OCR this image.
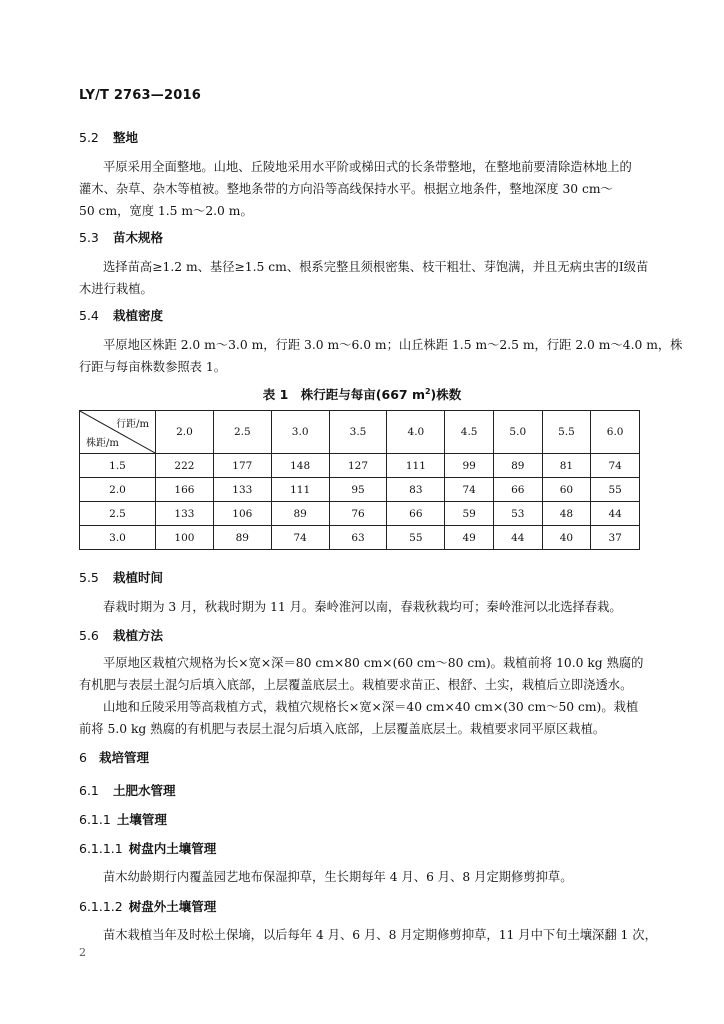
LY/T 2763—2016
5.2 整地
平原采用全面整地。山地、丘陵地采用水平阶或梯田式的长条带整地，在整地前要清除造林地上的
灌木、杂草、杂木等植被。整地条带的方向沿等高线保持水平。根据立地条件，整地深度 30 cm～
50 cm，宽度 1.5 m～2.0 m。
5.3 苗木规格
选择苗高≥1.2 m、基径≥1.5 cm、根系完整且须根密集、枝干粗壮、芽饱满，并且无病虫害的Ⅰ级苗
木进行栽植。
5.4 栽植密度
平原地区株距 2.0 m～3.0 m，行距 3.0 m～6.0 m；山丘株距 1.5 m～2.5 m，行距 2.0 m～4.0 m，株
行距与每亩株数参照表 1。
表 1　株行距与每亩(667 $m^2$)株数
行距/m
株距/m	2.0	2.5	3.0	3.5	4.0	4.5	5.0	5.5	6.0
1.5	222	177	148	127	111	99	89	81	74
2.0	166	133	111	95	83	74	66	60	55
2.5	133	106	89	76	66	59	53	48	44
3.0	100	89	74	63	55	49	44	40	37
5.5 栽植时间
春栽时期为 3 月，秋栽时期为 11 月。秦岭淮河以南，春栽秋栽均可；秦岭淮河以北选择春栽。
5.6 栽植方法
平原地区栽植穴规格为长×宽×深＝80 cm×80 cm×(60 cm～80 cm)。栽植前将 10.0 kg 熟腐的
有机肥与表层土混匀后填入底部，上层覆盖底层土。栽植要求苗正、根舒、土实，栽植后立即浇透水。
山地和丘陵采用等高栽植方式，栽植穴规格长×宽×深＝40 cm×40 cm×(30 cm～50 cm)。栽植
前将 5.0 kg 熟腐的有机肥与表层土混匀后填入底部，上层覆盖底层土。栽植要求同平原区栽植。
6 栽培管理
6.1 土肥水管理
6.1.1 土壤管理
6.1.1.1 树盘内土壤管理
苗木幼龄期行内覆盖园艺地布保湿抑草，生长期每年 4 月、6 月、8 月定期修剪抑草。
6.1.1.2 树盘外土壤管理
苗木栽植当年及时松土保墒，以后每年 4 月、6 月、8 月定期修剪抑草，11 月中下旬土壤深翻 1 次，
2
